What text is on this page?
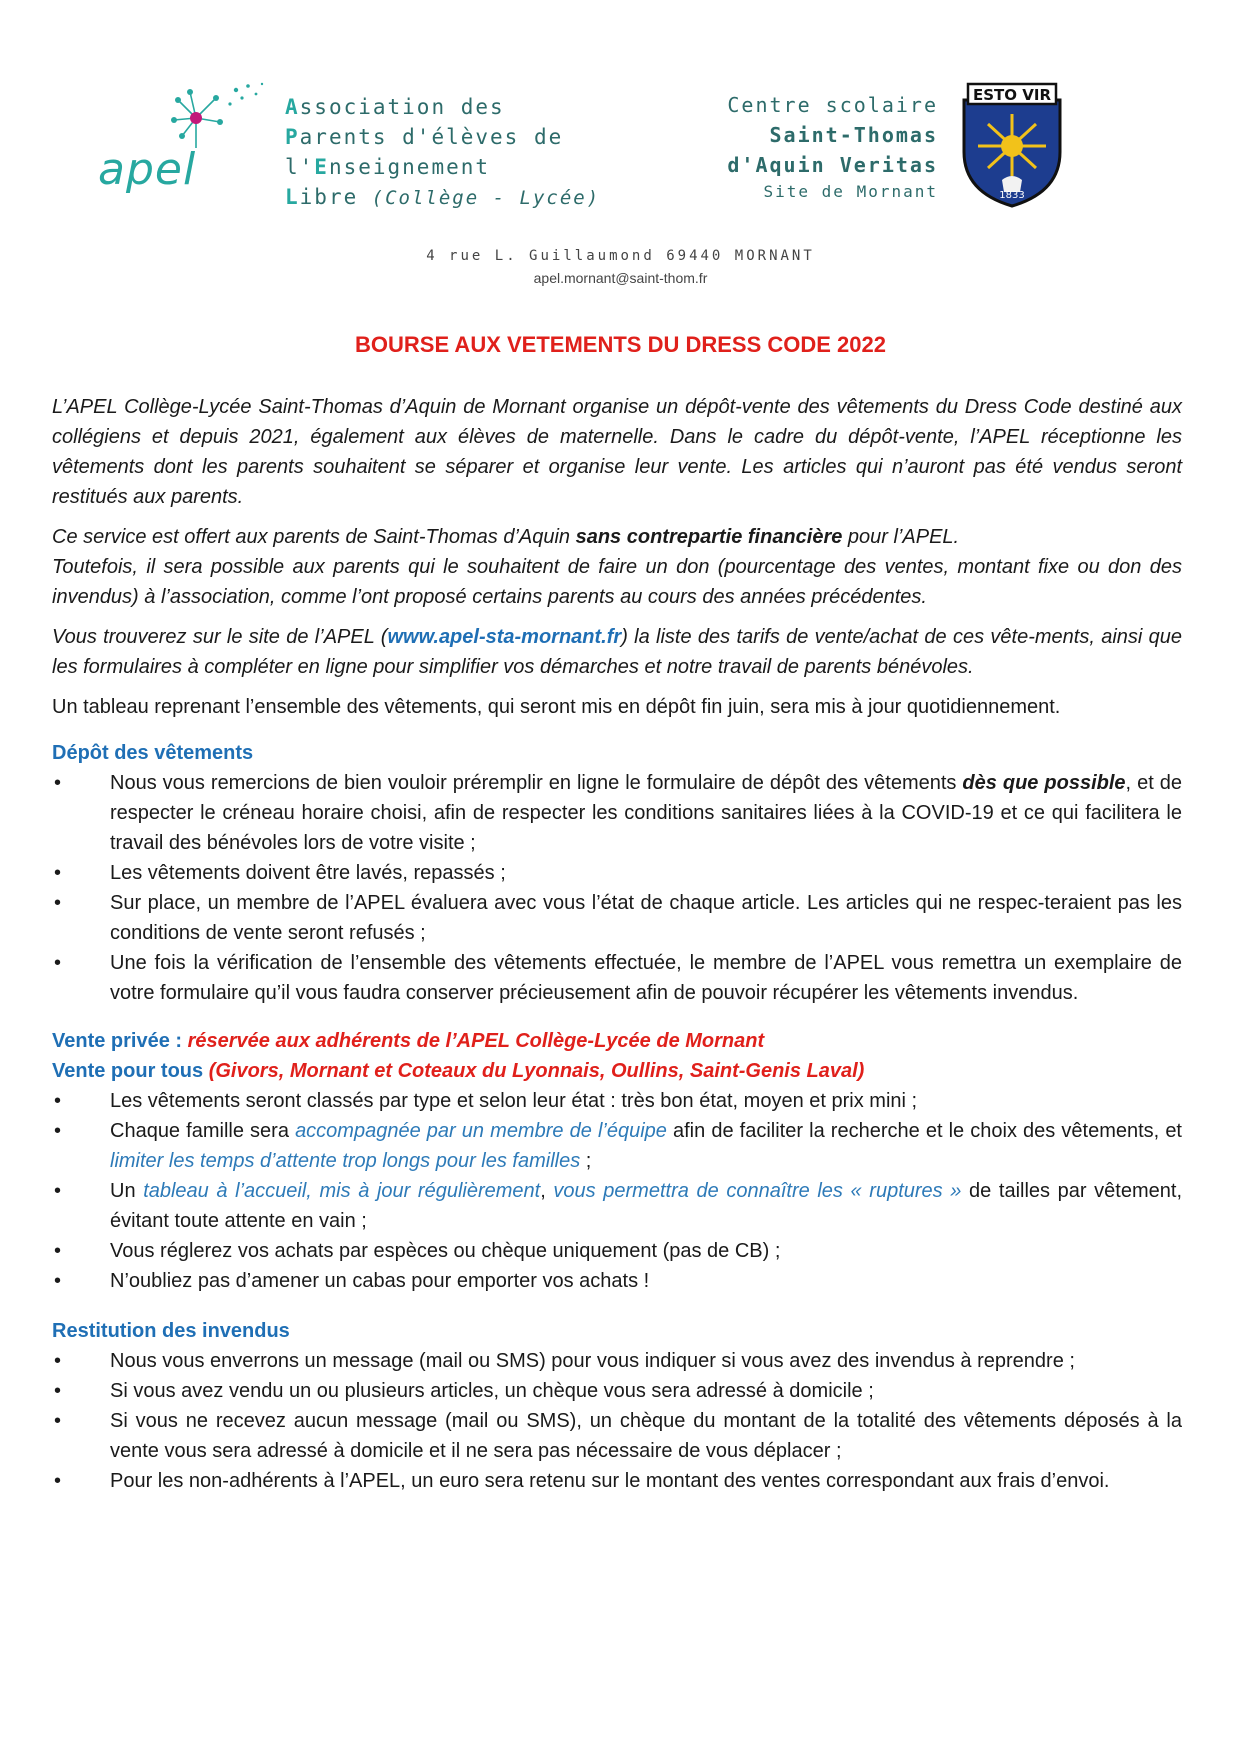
apel
Association des
Parents d'élèves de
l'Enseignement
Libre (Collège - Lycée)
Centre scolaire
Saint-Thomas
d'Aquin Veritas
Site de Mornant
ESTO VIR
1833
4 rue L. Guillaumond 69440 MORNANT
apel.mornant@saint-thom.fr
BOURSE AUX VETEMENTS DU DRESS CODE 2022

L’APEL Collège-Lycée Saint-Thomas d’Aquin de Mornant organise un dépôt-vente des vêtements du Dress Code destiné aux collégiens et depuis 2021, également aux élèves de maternelle. Dans le cadre du dépôt-vente, l’APEL réceptionne les vêtements dont les parents souhaitent se séparer et organise leur vente. Les articles qui n’auront pas été vendus seront restitués aux parents.

Ce service est offert aux parents de Saint-Thomas d’Aquin sans contrepartie financière pour l’APEL.
Toutefois, il sera possible aux parents qui le souhaitent de faire un don (pourcentage des ventes, montant fixe ou don des invendus) à l’association, comme l’ont proposé certains parents au cours des années précédentes.

Vous trouverez sur le site de l’APEL (www.apel-sta-mornant.fr) la liste des tarifs de vente/achat de ces vête-ments, ainsi que les formulaires à compléter en ligne pour simplifier vos démarches et notre travail de parents bénévoles.

Un tableau reprenant l’ensemble des vêtements, qui seront mis en dépôt fin juin, sera mis à jour quotidiennement.

Dépôt des vêtements
• Nous vous remercions de bien vouloir préremplir en ligne le formulaire de dépôt des vêtements dès que possible, et de respecter le créneau horaire choisi, afin de respecter les conditions sanitaires liées à la COVID-19 et ce qui facilitera le travail des bénévoles lors de votre visite ;
• Les vêtements doivent être lavés, repassés ;
• Sur place, un membre de l’APEL évaluera avec vous l’état de chaque article. Les articles qui ne respec-teraient pas les conditions de vente seront refusés ;
• Une fois la vérification de l’ensemble des vêtements effectuée, le membre de l’APEL vous remettra un exemplaire de votre formulaire qu’il vous faudra conserver précieusement afin de pouvoir récupérer les vêtements invendus.
Vente privée : réservée aux adhérents de l’APEL Collège-Lycée de Mornant
Vente pour tous (Givors, Mornant et Coteaux du Lyonnais, Oullins, Saint-Genis Laval)
• Les vêtements seront classés par type et selon leur état : très bon état, moyen et prix mini ;
• Chaque famille sera accompagnée par un membre de l’équipe afin de faciliter la recherche et le choix des vêtements, et limiter les temps d’attente trop longs pour les familles ;
• Un tableau à l’accueil, mis à jour régulièrement, vous permettra de connaître les « ruptures » de tailles par vêtement, évitant toute attente en vain ;
• Vous réglerez vos achats par espèces ou chèque uniquement (pas de CB) ;
• N’oubliez pas d’amener un cabas pour emporter vos achats !
Restitution des invendus
• Nous vous enverrons un message (mail ou SMS) pour vous indiquer si vous avez des invendus à reprendre ;
• Si vous avez vendu un ou plusieurs articles, un chèque vous sera adressé à domicile ;
• Si vous ne recevez aucun message (mail ou SMS), un chèque du montant de la totalité des vêtements déposés à la vente vous sera adressé à domicile et il ne sera pas nécessaire de vous déplacer ;
• Pour les non-adhérents à l’APEL, un euro sera retenu sur le montant des ventes correspondant aux frais d’envoi.
